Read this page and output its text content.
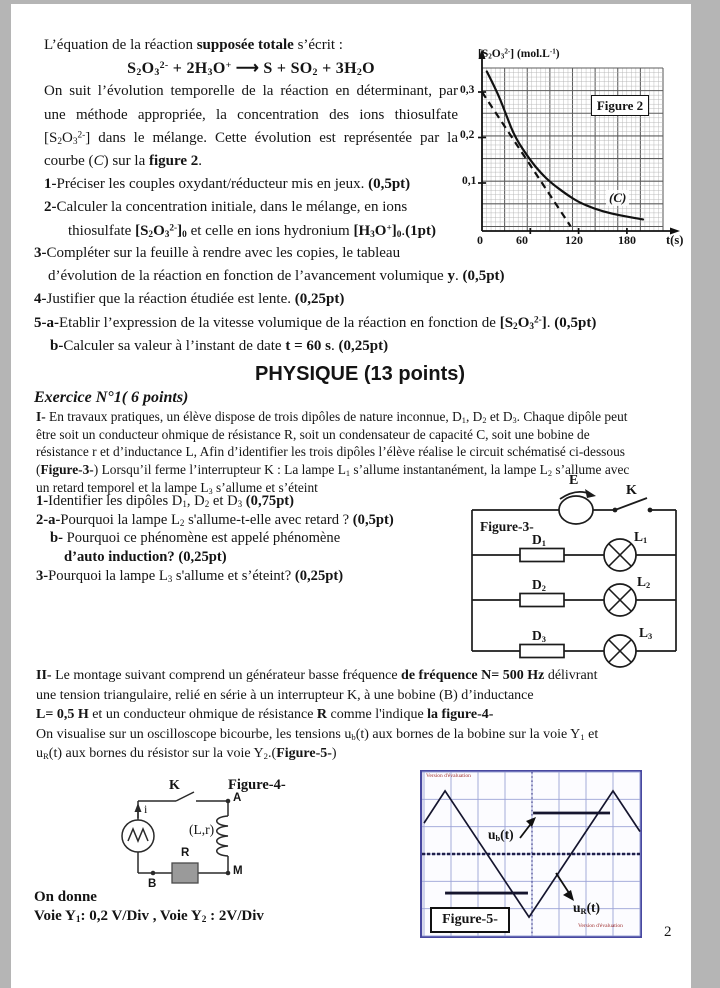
L’équation de la réaction supposée totale s’écrit :
$S_2O_3^{2-} + 2H_3O^+$ ⟶ $S + SO_2 + 3H_2O$
On suit l’évolution temporelle de la réaction en déterminant, par
une méthode appropriée, la concentration des ions thiosulfate
$[S_2O_3^{2-}]$ dans le mélange. Cette évolution est représentée par la
courbe (C) sur la figure 2.
1-Préciser les couples oxydant/réducteur mis en jeux. (0,5pt)
2-Calculer la concentration initiale, dans le mélange, en ions
thiosulfate $[S_2O_3^{2-}]_0$ et celle en ions hydronium $[H_3O^+]_0.(1pt)$
$[S_2O_3^{2-}]$ $(mol.L^{-1})$
0,3
0,2
0,1
0	60	120	180 t(s)
Figure 2
(C)
3-Compléter sur la feuille à rendre avec les copies, le tableau
d’évolution de la réaction en fonction de l’avancement volumique y. (0,5pt)
4-Justifier que la réaction étudiée est lente. (0,25pt)
5-a-Etablir l’expression de la vitesse volumique de la réaction en fonction de $[S_2O_3^{2-}]$. (0,5pt)
b-Calculer sa valeur à l’instant de date t = 60 s. (0,25pt)
PHYSIQUE (13 points)
Exercice N°1( 6 points)
I- En travaux pratiques, un élève dispose de trois dipôles de nature inconnue, $D_1$, $D_2$ et $D_3$. Chaque dipôle peut
être soit un conducteur ohmique de résistance R, soit un condensateur de capacité C, soit une bobine de
résistance r et d’inductance L, Afin d’identifier les trois dipôles l’élève réalise le circuit schématisé ci-dessous
(Figure-3-) Lorsqu’il ferme l’interrupteur K : La lampe $L_1$ s’allume instantanément, la lampe $L_2$ s’allume avec
un retard temporel et la lampe $L_3$ s’allume et s’éteint
1-Identifier les dipôles $D_1$, $D_2$ et $D_3$ (0,75pt)
2-a-Pourquoi la lampe $L_2$ s'allume-t-elle avec retard ? (0,5pt)
b- Pourquoi ce phénomène est appelé phénomène
d’auto induction? (0,25pt)
3-Pourquoi la lampe $L_3$ s'allume et s’éteint? (0,25pt)
E
K
Figure-3-
$D_1$
$D_2$
$D_3$
$L_1$
$L_2$
$L_3$
II- Le montage suivant comprend un générateur basse fréquence de fréquence N= 500 Hz délivrant
une tension triangulaire, relié en série à un interrupteur K, à une bobine (B) d’inductance
L= 0,5 H et un conducteur ohmique de résistance R comme l'indique la figure-4-
On visualise sur un oscilloscope bicourbe, les tensions $u_b(t)$ aux bornes de la bobine sur la voie $Y_1$ et
$u_R(t)$ aux bornes du résistor sur la voie $Y_2.(Figure-5-)$
K	Figure-4-
A
i
(L,r)
R
B
M
On donne
Voie $Y_1$: 0,2 V/Div , Voie $Y_2$ : 2V/Div
Version d'évaluation
$u_b(t)$
$u_R(t)$
Figure-5-	Version d'évaluation	2
